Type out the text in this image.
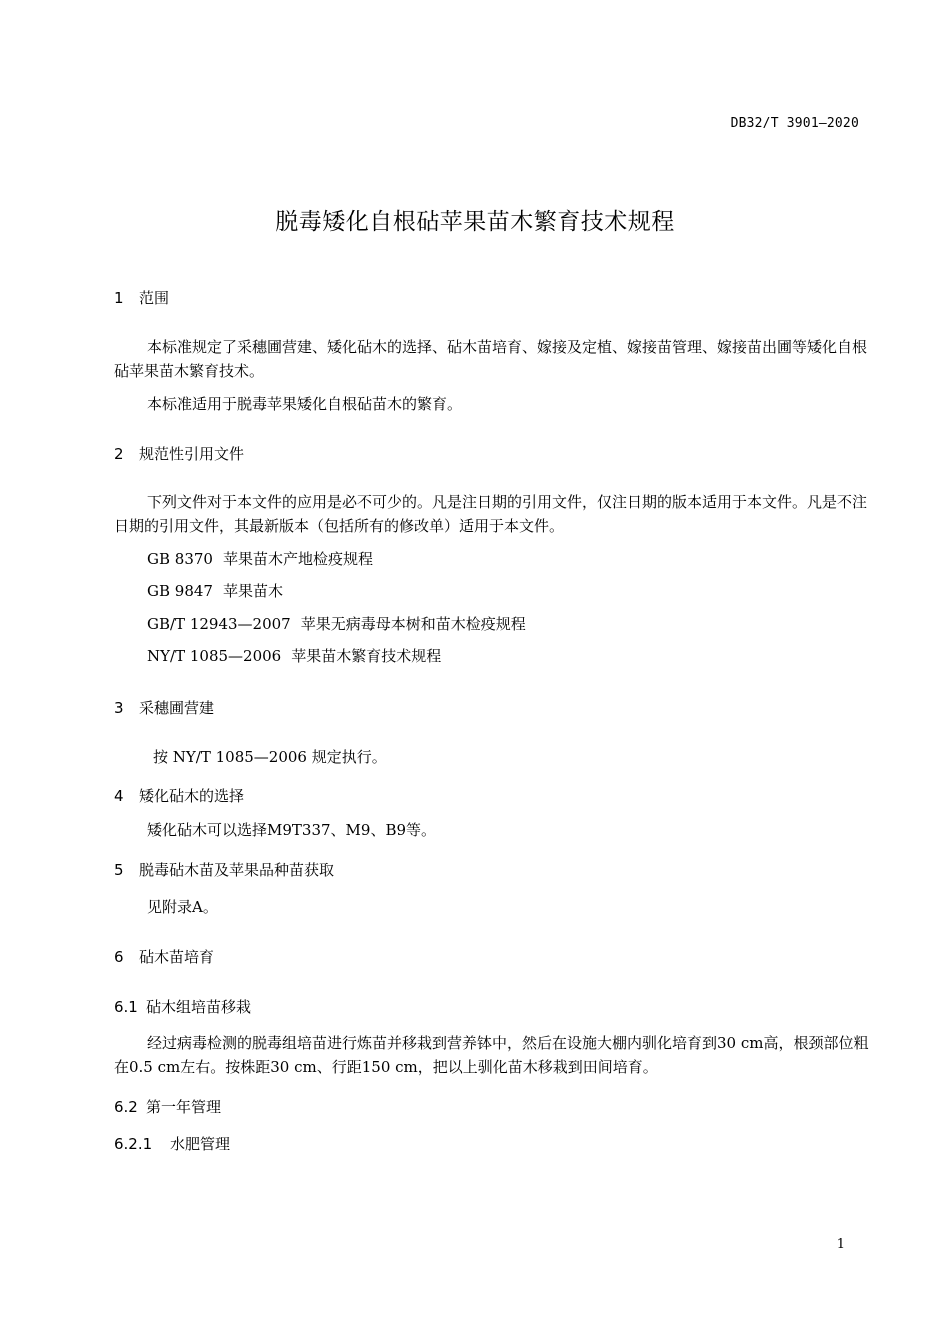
DB32/T 3901—2020
脱毒矮化自根砧苹果苗木繁育技术规程
1 范围
本标准规定了采穗圃营建、矮化砧木的选择、砧木苗培育、嫁接及定植、嫁接苗管理、嫁接苗出圃等矮化自根砧苹果苗木繁育技术。
本标准适用于脱毒苹果矮化自根砧苗木的繁育。
2 规范性引用文件
下列文件对于本文件的应用是必不可少的。凡是注日期的引用文件，仅注日期的版本适用于本文件。凡是不注日期的引用文件，其最新版本（包括所有的修改单）适用于本文件。
GB 8370 苹果苗木产地检疫规程
GB 9847 苹果苗木
GB/T 12943—2007 苹果无病毒母本树和苗木检疫规程
NY/T 1085—2006 苹果苗木繁育技术规程
3 采穗圃营建
按 NY/T 1085—2006 规定执行。
4 矮化砧木的选择
矮化砧木可以选择M9T337、M9、B9等。
5 脱毒砧木苗及苹果品种苗获取
见附录A。
6 砧木苗培育
6.1 砧木组培苗移栽
经过病毒检测的脱毒组培苗进行炼苗并移栽到营养钵中，然后在设施大棚内驯化培育到30 cm高，根颈部位粗在0.5 cm左右。按株距30 cm、行距150 cm，把以上驯化苗木移栽到田间培育。
6.2 第一年管理
6.2.1 水肥管理
1
